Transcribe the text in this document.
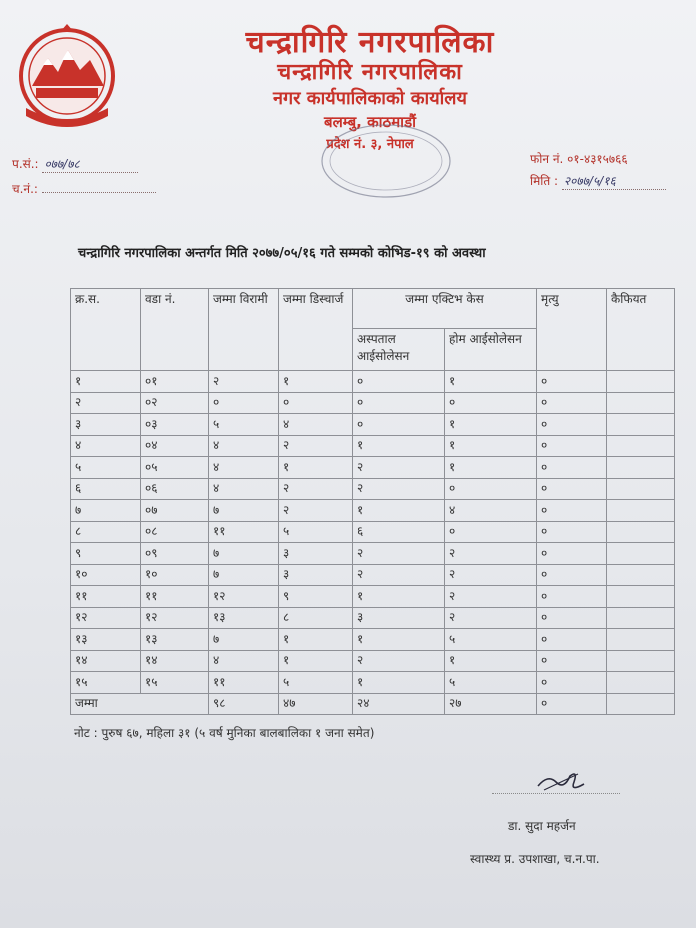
चन्द्रागिरि नगरपालिका
चन्द्रागिरि नगरपालिका
नगर कार्यपालिकाको कार्यालय
बलम्बु, काठमाडौं
प्रदेश नं. ३, नेपाल
प.सं.: ०७७/७८
च.नं.:
फोन नं. ०१-४३१५७६६
मिति : २०७७/५/१६
चन्द्रागिरि नगरपालिका अन्तर्गत मिति २०७७/०५/१६ गते सम्मको कोभिड-१९ को अवस्था
क्र.स.	वडा नं.	जम्मा विरामी	जम्मा डिस्चार्ज	जम्मा एक्टिभ केस		मृत्यु	कैफियत
				अस्पताल आईसोलेसन	होम आईसोलेसन		
१	०१	२	१	०	१	०	
२	०२	०	०	०	०	०	
३	०३	५	४	०	१	०	
४	०४	४	२	१	१	०	
५	०५	४	१	२	१	०	
६	०६	४	२	२	०	०	
७	०७	७	२	१	४	०	
८	०८	११	५	६	०	०	
९	०९	७	३	२	२	०	
१०	१०	७	३	२	२	०	
११	११	१२	९	१	२	०	
१२	१२	१३	८	३	२	०	
१३	१३	७	१	१	५	०	
१४	१४	४	१	२	१	०	
१५	१५	११	५	१	५	०	
जम्मा		९८	४७	२४	२७	०	
नोट : पुरुष ६७, महिला ३१ (५ वर्ष मुनिका बालबालिका १ जना समेत)
डा. सुदा महर्जन
स्वास्थ्य प्र. उपशाखा, च.न.पा.
